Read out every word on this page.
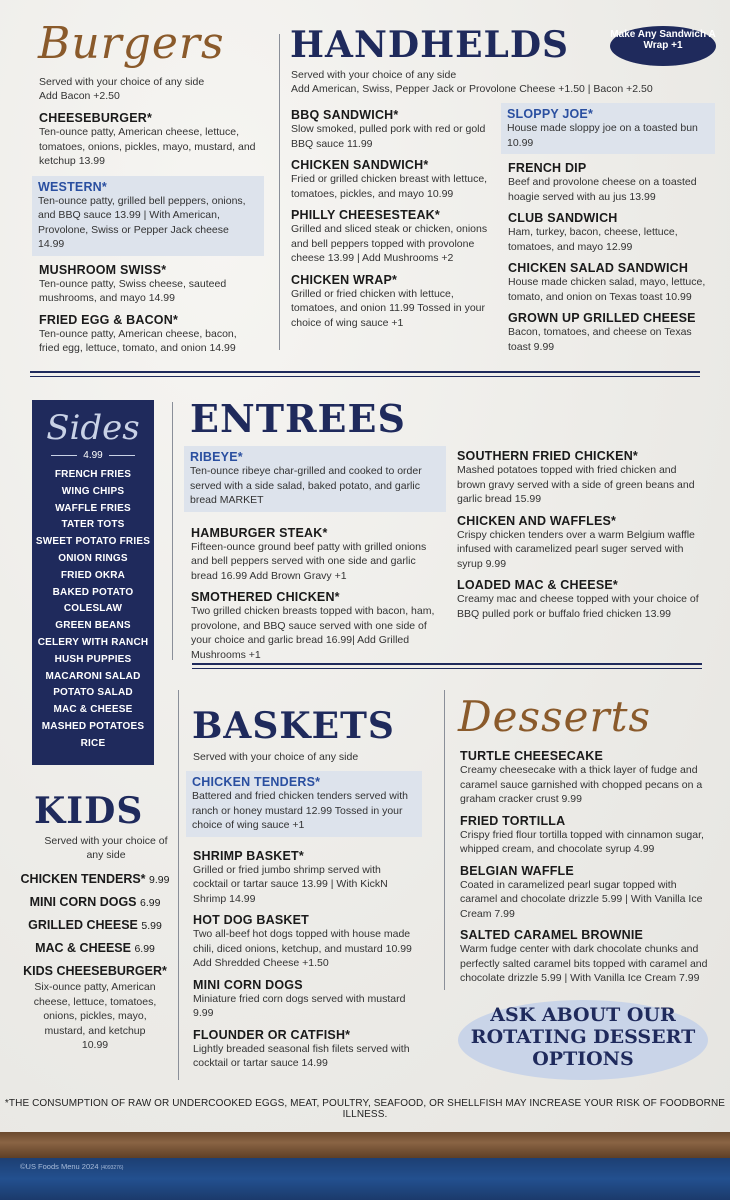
Burgers
Served with your choice of any side
Add Bacon +2.50
CHEESEBURGER*
Ten-ounce patty, American cheese, lettuce, tomatoes, onions, pickles, mayo, mustard, and ketchup 13.99
WESTERN*
Ten-ounce patty, grilled bell peppers, onions, and BBQ sauce 13.99 | With American, Provolone, Swiss or Pepper Jack cheese 14.99
MUSHROOM SWISS*
Ten-ounce patty, Swiss cheese, sauteed mushrooms, and mayo 14.99
FRIED EGG & BACON*
Ten-ounce patty, American cheese, bacon, fried egg, lettuce, tomato, and onion 14.99
HANDHELDS	Make Any Sandwich A Wrap +1
Served with your choice of any side
Add American, Swiss, Pepper Jack or Provolone Cheese +1.50 | Bacon +2.50
BBQ SANDWICH*
Slow smoked, pulled pork with red or gold BBQ sauce 11.99
CHICKEN SANDWICH*
Fried or grilled chicken breast with lettuce, tomatoes, pickles, and mayo 10.99
PHILLY CHEESESTEAK*
Grilled and sliced steak or chicken, onions and bell peppers topped with provolone cheese 13.99 | Add Mushrooms +2
CHICKEN WRAP*
Grilled or fried chicken with lettuce, tomatoes, and onion 11.99 Tossed in your choice of wing sauce +1
SLOPPY JOE*
House made sloppy joe on a toasted bun 10.99
FRENCH DIP
Beef and provolone cheese on a toasted hoagie served with au jus 13.99
CLUB SANDWICH
Ham, turkey, bacon, cheese, lettuce, tomatoes, and mayo 12.99
CHICKEN SALAD SANDWICH
House made chicken salad, mayo, lettuce, tomato, and onion on Texas toast 10.99
GROWN UP GRILLED CHEESE
Bacon, tomatoes, and cheese on Texas toast 9.99
Sides
4.99
FRENCH FRIES
WING CHIPS
WAFFLE FRIES
TATER TOTS
SWEET POTATO FRIES
ONION RINGS
FRIED OKRA
BAKED POTATO
COLESLAW
GREEN BEANS
CELERY WITH RANCH
HUSH PUPPIES
MACARONI SALAD
POTATO SALAD
MAC & CHEESE
MASHED POTATOES
RICE
ENTREES
RIBEYE*
Ten-ounce ribeye char-grilled and cooked to order served with a side salad, baked potato, and garlic bread MARKET
HAMBURGER STEAK*
Fifteen-ounce ground beef patty with grilled onions and bell peppers served with one side and garlic bread 16.99 Add Brown Gravy +1
SMOTHERED CHICKEN*
Two grilled chicken breasts topped with bacon, ham, provolone, and BBQ sauce served with one side of your choice and garlic bread 16.99| Add Grilled Mushrooms +1
SOUTHERN FRIED CHICKEN*
Mashed potatoes topped with fried chicken and brown gravy served with a side of green beans and garlic bread 15.99
CHICKEN AND WAFFLES*
Crispy chicken tenders over a warm Belgium waffle infused with caramelized pearl suger served with syrup 9.99
LOADED MAC & CHEESE*
Creamy mac and cheese topped with your choice of BBQ pulled pork or buffalo fried chicken 13.99
KIDS
Served with your choice of any side
CHICKEN TENDERS* 9.99
MINI CORN DOGS 6.99
GRILLED CHEESE 5.99
MAC & CHEESE 6.99
KIDS CHEESEBURGER*
Six-ounce patty, American cheese, lettuce, tomatoes, onions, pickles, mayo, mustard, and ketchup 10.99
BASKETS
Served with your choice of any side
CHICKEN TENDERS*
Battered and fried chicken tenders served with ranch or honey mustard 12.99 Tossed in your choice of wing sauce +1
SHRIMP BASKET*
Grilled or fried jumbo shrimp served with cocktail or tartar sauce 13.99 | With KickN Shrimp 14.99
HOT DOG BASKET
Two all-beef hot dogs topped with house made chili, diced onions, ketchup, and mustard 10.99 Add Shredded Cheese +1.50
MINI CORN DOGS
Miniature fried corn dogs served with mustard 9.99
FLOUNDER OR CATFISH*
Lightly breaded seasonal fish filets served with cocktail or tartar sauce 14.99
Desserts
TURTLE CHEESECAKE
Creamy cheesecake with a thick layer of fudge and caramel sauce garnished with chopped pecans on a graham cracker crust 9.99
FRIED TORTILLA
Crispy fried flour tortilla topped with cinnamon sugar, whipped cream, and chocolate syrup 4.99
BELGIAN WAFFLE
Coated in caramelized pearl sugar topped with caramel and chocolate drizzle 5.99 | With Vanilla Ice Cream 7.99
SALTED CARAMEL BROWNIE
Warm fudge center with dark chocolate chunks and perfectly salted caramel bits topped with caramel and chocolate drizzle 5.99 | With Vanilla Ice Cream 7.99
ASK ABOUT OUR ROTATING DESSERT OPTIONS
*THE CONSUMPTION OF RAW OR UNDERCOOKED EGGS, MEAT, POULTRY, SEAFOOD, OR SHELLFISH MAY INCREASE YOUR RISK OF FOODBORNE ILLNESS.
©US Foods Menu 2024 (4093276)
